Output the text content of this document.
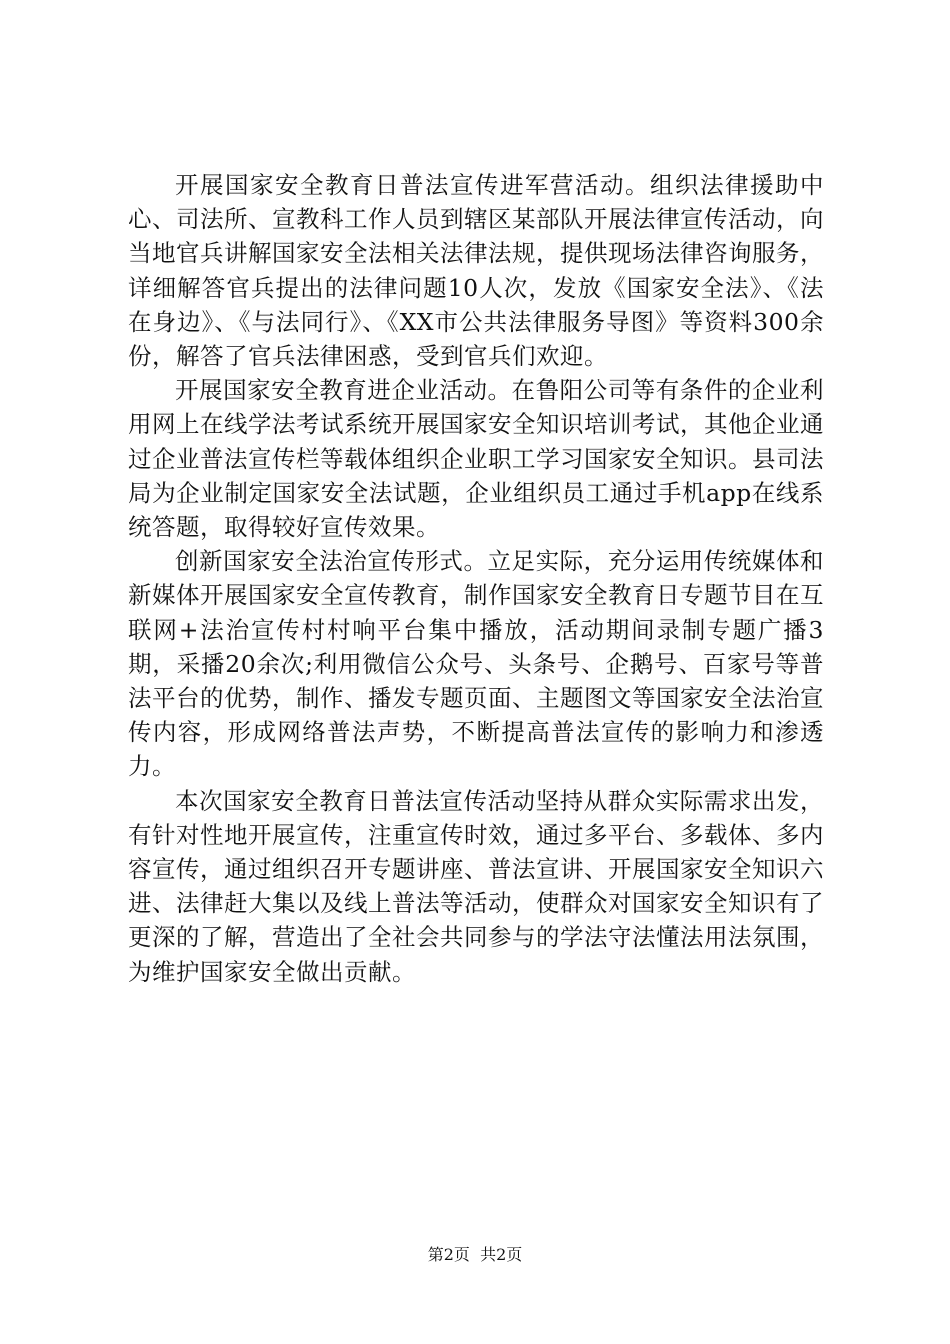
开展国家安全教育日普法宣传进军营活动。组织法律援助中心、司法所、宣教科工作人员到辖区某部队开展法律宣传活动，向当地官兵讲解国家安全法相关法律法规，提供现场法律咨询服务，详细解答官兵提出的法律问题10人次，发放《国家安全法》、《法在身边》、《与法同行》、《XX市公共法律服务导图》等资料300余份，解答了官兵法律困惑，受到官兵们欢迎。

开展国家安全教育进企业活动。在鲁阳公司等有条件的企业利用网上在线学法考试系统开展国家安全知识培训考试，其他企业通过企业普法宣传栏等载体组织企业职工学习国家安全知识。县司法局为企业制定国家安全法试题，企业组织员工通过手机app在线系统答题，取得较好宣传效果。

创新国家安全法治宣传形式。立足实际，充分运用传统媒体和新媒体开展国家安全宣传教育，制作国家安全教育日专题节目在互联网+法治宣传村村响平台集中播放，活动期间录制专题广播3期，采播20余次;利用微信公众号、头条号、企鹅号、百家号等普法平台的优势，制作、播发专题页面、主题图文等国家安全法治宣传内容，形成网络普法声势，不断提高普法宣传的影响力和渗透力。

本次国家安全教育日普法宣传活动坚持从群众实际需求出发，有针对性地开展宣传，注重宣传时效，通过多平台、多载体、多内容宣传，通过组织召开专题讲座、普法宣讲、开展国家安全知识六进、法律赶大集以及线上普法等活动，使群众对国家安全知识有了更深的了解，营造出了全社会共同参与的学法守法懂法用法氛围，为维护国家安全做出贡献。

第2页  共2页
